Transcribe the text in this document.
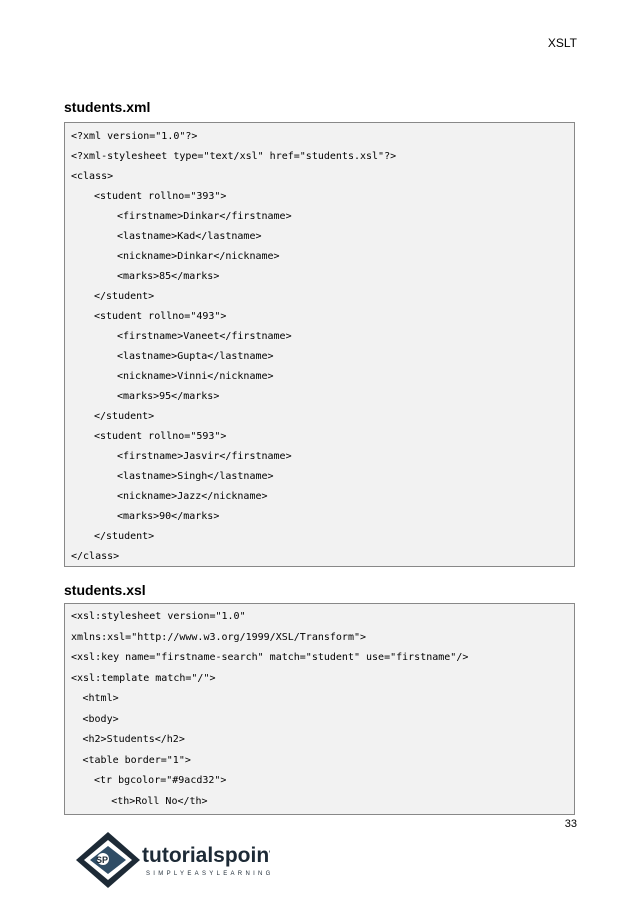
XSLT
students.xml
<?xml version="1.0"?>
<?xml-stylesheet type="text/xsl" href="students.xsl"?>
<class>
<student rollno="393">
<firstname>Dinkar</firstname>
<lastname>Kad</lastname>
<nickname>Dinkar</nickname>
<marks>85</marks>
</student>
<student rollno="493">
<firstname>Vaneet</firstname>
<lastname>Gupta</lastname>
<nickname>Vinni</nickname>
<marks>95</marks>
</student>
<student rollno="593">
<firstname>Jasvir</firstname>
<lastname>Singh</lastname>
<nickname>Jazz</nickname>
<marks>90</marks>
</student>
</class>
students.xsl
<xsl:stylesheet version="1.0"
xmlns:xsl="http://www.w3.org/1999/XSL/Transform">
<xsl:key name="firstname-search" match="student" use="firstname"/>
<xsl:template match="/">
<html>
<body>
<h2>Students</h2>
<table border="1">
<tr bgcolor="#9acd32">
<th>Roll No</th>
33
SP tutorialspoint
SIMPLYEASYLEARNING
